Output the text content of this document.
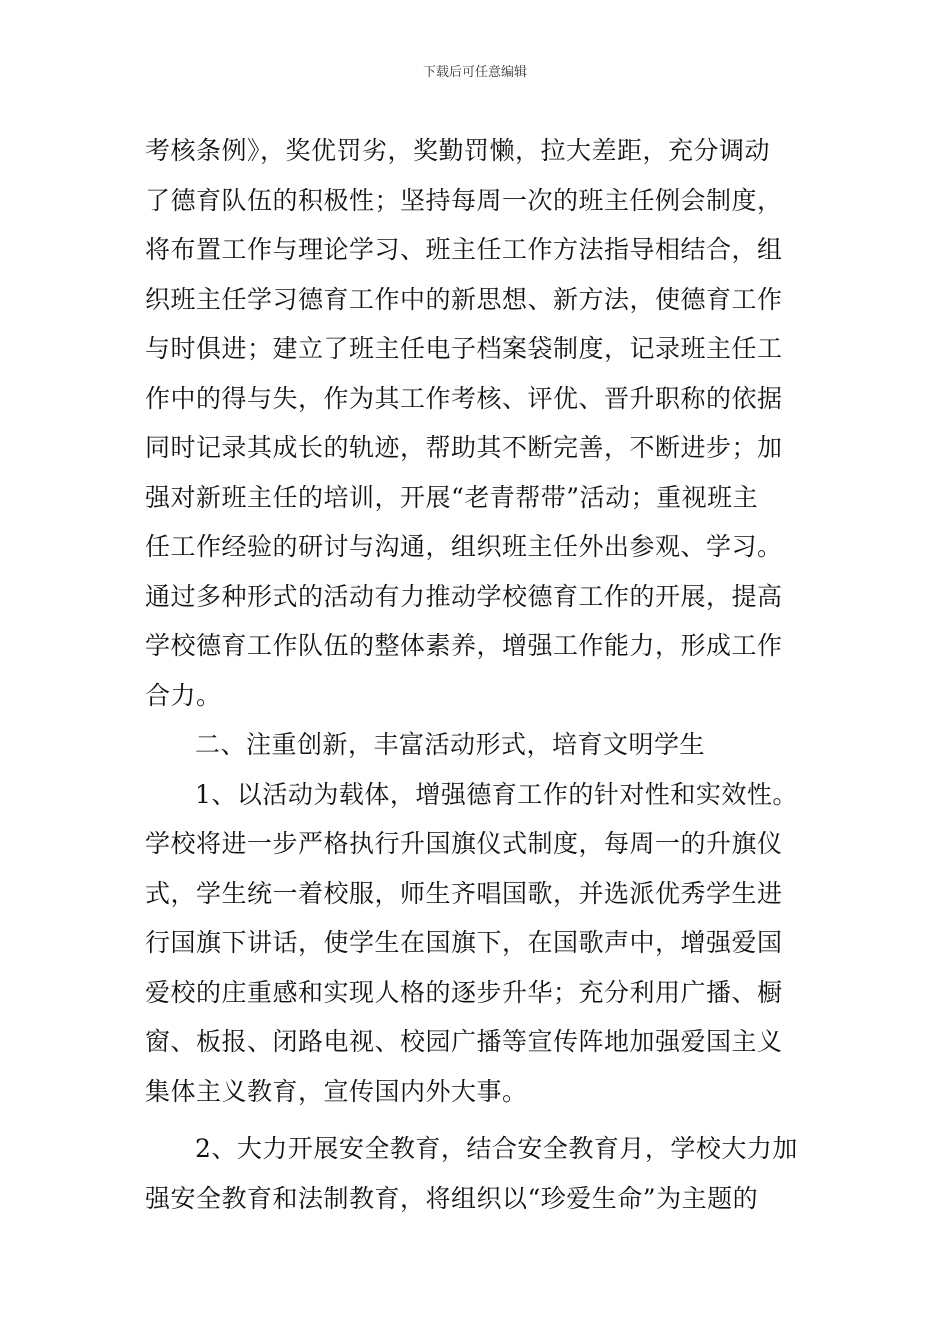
下载后可任意编辑
考核条例》，奖优罚劣，奖勤罚懒，拉大差距，充分调动
了德育队伍的积极性；坚持每周一次的班主任例会制度，
将布置工作与理论学习、班主任工作方法指导相结合，组
织班主任学习德育工作中的新思想、新方法，使德育工作
与时俱进；建立了班主任电子档案袋制度，记录班主任工
作中的得与失，作为其工作考核、评优、晋升职称的依据
同时记录其成长的轨迹，帮助其不断完善，不断进步；加
强对新班主任的培训，开展“老青帮带”活动；重视班主
任工作经验的研讨与沟通，组织班主任外出参观、学习。
通过多种形式的活动有力推动学校德育工作的开展，提高
学校德育工作队伍的整体素养，增强工作能力，形成工作
合力。
二、注重创新，丰富活动形式，培育文明学生
1、以活动为载体，增强德育工作的针对性和实效性。
学校将进一步严格执行升国旗仪式制度，每周一的升旗仪
式，学生统一着校服，师生齐唱国歌，并选派优秀学生进
行国旗下讲话，使学生在国旗下，在国歌声中，增强爱国
爱校的庄重感和实现人格的逐步升华；充分利用广播、橱
窗、板报、闭路电视、校园广播等宣传阵地加强爱国主义
集体主义教育，宣传国内外大事。
2、大力开展安全教育，结合安全教育月，学校大力加
强安全教育和法制教育，将组织以“珍爱生命”为主题的
